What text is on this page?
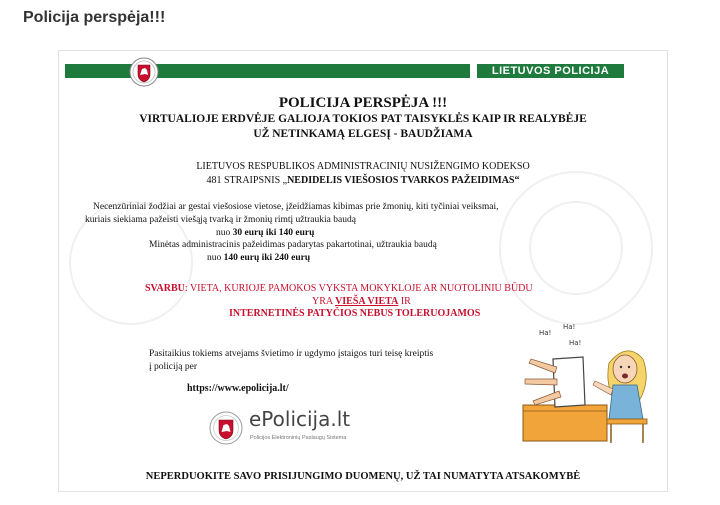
Policija perspėja!!!
LIETUVOS POLICIJA
POLICIJA PERSPĖJA !!!
VIRTUALIOJE ERDVĖJE GALIOJA TOKIOS PAT TAISYKLĖS KAIP IR REALYBĖJE
UŽ NETINKAMĄ ELGESĮ - BAUDŽIAMA
LIETUVOS RESPUBLIKOS ADMINISTRACINIŲ NUSIŽENGIMO KODEKSO
481 STRAIPSNIS „NEDIDELIS VIEŠOSIOS TVARKOS PAŽEIDIMAS“
Necenzūriniai žodžiai ar gestai viešosiose vietose, įžeidžiamas kibimas prie žmonių, kiti tyčiniai veiksmai,
kuriais siekiama pažeisti viešąją tvarką ir žmonių rimtį užtraukia baudą
nuo 30 eurų iki 140 eurų
Minėtas administracinis pažeidimas padarytas pakartotinai, užtraukia baudą
nuo 140 eurų iki 240 eurų
SVARBU: VIETA, KURIOJE PAMOKOS VYKSTA MOKYKLOJE AR NUOTOLINIU BŪDU
YRA VIEŠA VIETA IR
INTERNETINĖS PATYČIOS NEBUS TOLERUOJAMOS
Pasitaikius tokiems atvejams švietimo ir ugdymo įstaigos turi teisę kreiptis
į policiją per
https://www.epolicija.lt/
ePolicija.lt
Policijos Elektroninių Paslaugų Sistema
Ha!
Ha!
Ha!
NEPERDUOKITE SAVO PRISIJUNGIMO DUOMENŲ, UŽ TAI NUMATYTA ATSAKOMYBĖ
